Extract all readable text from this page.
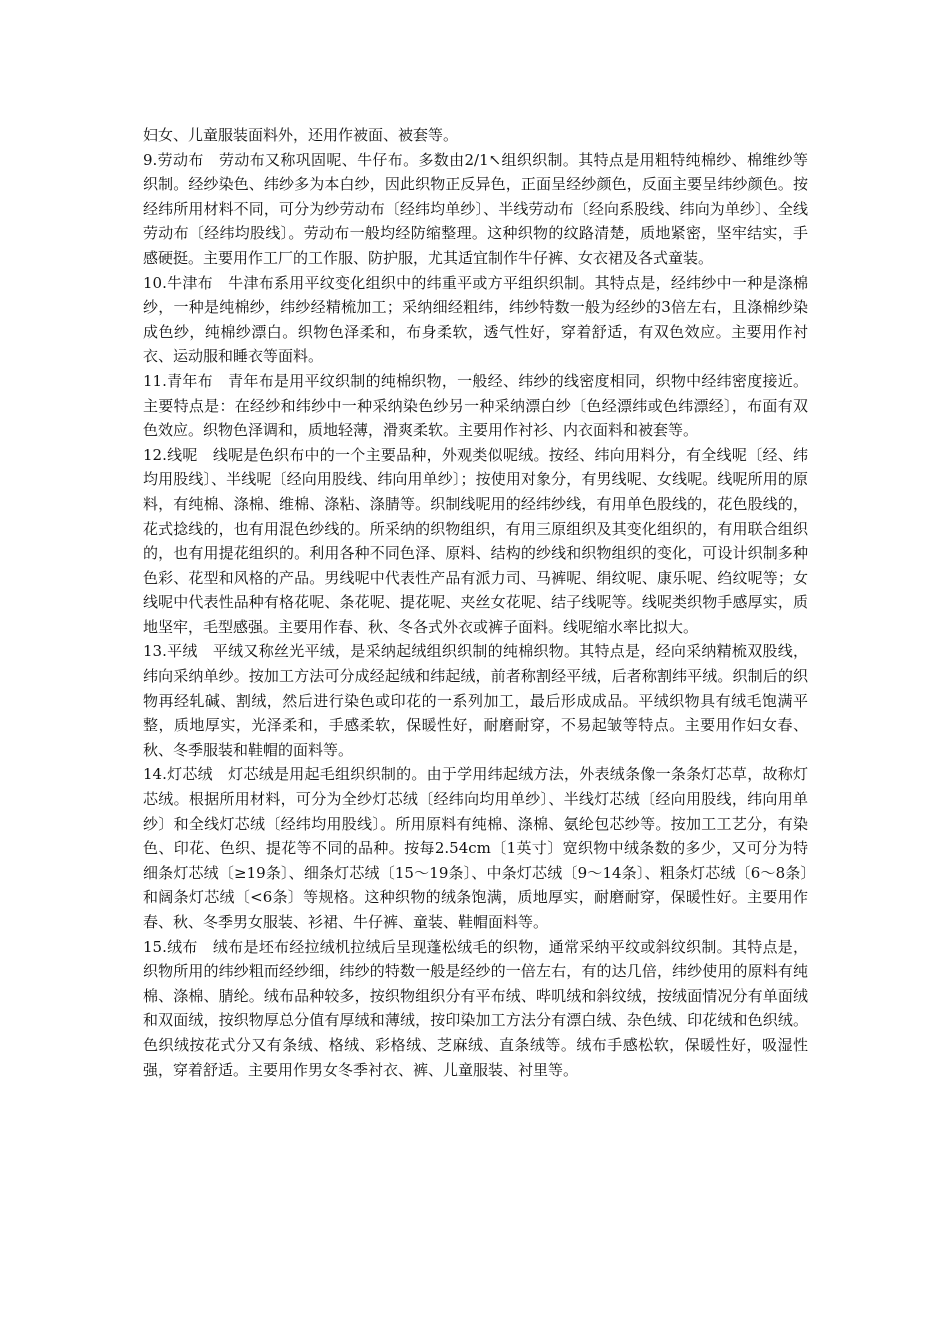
妇女、儿童服装面料外，还用作被面、被套等。

9.劳动布　劳动布又称巩固呢、牛仔布。多数由2/1↖组织织制。其特点是用粗特纯棉纱、棉维纱等织制。经纱染色、纬纱多为本白纱，因此织物正反异色，正面呈经纱颜色，反面主要呈纬纱颜色。按经纬所用材料不同，可分为纱劳动布〔经纬均单纱〕、半线劳动布〔经向系股线、纬向为单纱〕、全线劳动布〔经纬均股线〕。劳动布一般均经防缩整理。这种织物的纹路清楚，质地紧密，坚牢结实，手感硬挺。主要用作工厂的工作服、防护服，尤其适宜制作牛仔裤、女衣裙及各式童装。

10.牛津布　牛津布系用平纹变化组织中的纬重平或方平组织织制。其特点是，经纬纱中一种是涤棉纱，一种是纯棉纱，纬纱经精梳加工；采纳细经粗纬，纬纱特数一般为经纱的3倍左右，且涤棉纱染成色纱，纯棉纱漂白。织物色泽柔和，布身柔软，透气性好，穿着舒适，有双色效应。主要用作衬衣、运动服和睡衣等面料。

11.青年布　青年布是用平纹织制的纯棉织物，一般经、纬纱的线密度相同，织物中经纬密度接近。主要特点是：在经纱和纬纱中一种采纳染色纱另一种采纳漂白纱〔色经漂纬或色纬漂经〕，布面有双色效应。织物色泽调和，质地轻薄，滑爽柔软。主要用作衬衫、内衣面料和被套等。

12.线呢　线呢是色织布中的一个主要品种，外观类似呢绒。按经、纬向用料分，有全线呢〔经、纬均用股线〕、半线呢〔经向用股线、纬向用单纱〕；按使用对象分，有男线呢、女线呢。线呢所用的原料，有纯棉、涤棉、维棉、涤粘、涤腈等。织制线呢用的经纬纱线，有用单色股线的，花色股线的，花式捻线的，也有用混色纱线的。所采纳的织物组织，有用三原组织及其变化组织的，有用联合组织的，也有用提花组织的。利用各种不同色泽、原料、结构的纱线和织物组织的变化，可设计织制多种色彩、花型和风格的产品。男线呢中代表性产品有派力司、马裤呢、绢纹呢、康乐呢、绉纹呢等；女线呢中代表性品种有格花呢、条花呢、提花呢、夹丝女花呢、结子线呢等。线呢类织物手感厚实，质地坚牢，毛型感强。主要用作春、秋、冬各式外衣或裤子面料。线呢缩水率比拟大。

13.平绒　平绒又称丝光平绒，是采纳起绒组织织制的纯棉织物。其特点是，经向采纳精梳双股线，纬向采纳单纱。按加工方法可分成经起绒和纬起绒，前者称割经平绒，后者称割纬平绒。织制后的织物再经轧碱、割绒，然后进行染色或印花的一系列加工，最后形成成品。平绒织物具有绒毛饱满平整，质地厚实，光泽柔和，手感柔软，保暖性好，耐磨耐穿，不易起皱等特点。主要用作妇女春、秋、冬季服装和鞋帽的面料等。

14.灯芯绒　灯芯绒是用起毛组织织制的。由于学用纬起绒方法，外表绒条像一条条灯芯草，故称灯芯绒。根据所用材料，可分为全纱灯芯绒〔经纬向均用单纱〕、半线灯芯绒〔经向用股线，纬向用单纱〕和全线灯芯绒〔经纬均用股线〕。所用原料有纯棉、涤棉、氨纶包芯纱等。按加工工艺分，有染色、印花、色织、提花等不同的品种。按每2.54cm〔1英寸〕宽织物中绒条数的多少，又可分为特细条灯芯绒〔≥19条〕、细条灯芯绒〔15～19条〕、中条灯芯绒〔9～14条〕、粗条灯芯绒〔6～8条〕和阔条灯芯绒〔<6条〕等规格。这种织物的绒条饱满，质地厚实，耐磨耐穿，保暖性好。主要用作春、秋、冬季男女服装、衫裙、牛仔裤、童装、鞋帽面料等。

15.绒布　绒布是坯布经拉绒机拉绒后呈现蓬松绒毛的织物，通常采纳平纹或斜纹织制。其特点是，织物所用的纬纱粗而经纱细，纬纱的特数一般是经纱的一倍左右，有的达几倍，纬纱使用的原料有纯棉、涤棉、腈纶。绒布品种较多，按织物组织分有平布绒、哔叽绒和斜纹绒，按绒面情况分有单面绒和双面绒，按织物厚总分值有厚绒和薄绒，按印染加工方法分有漂白绒、杂色绒、印花绒和色织绒。色织绒按花式分又有条绒、格绒、彩格绒、芝麻绒、直条绒等。绒布手感松软，保暖性好，吸湿性强，穿着舒适。主要用作男女冬季衬衣、裤、儿童服装、衬里等。
